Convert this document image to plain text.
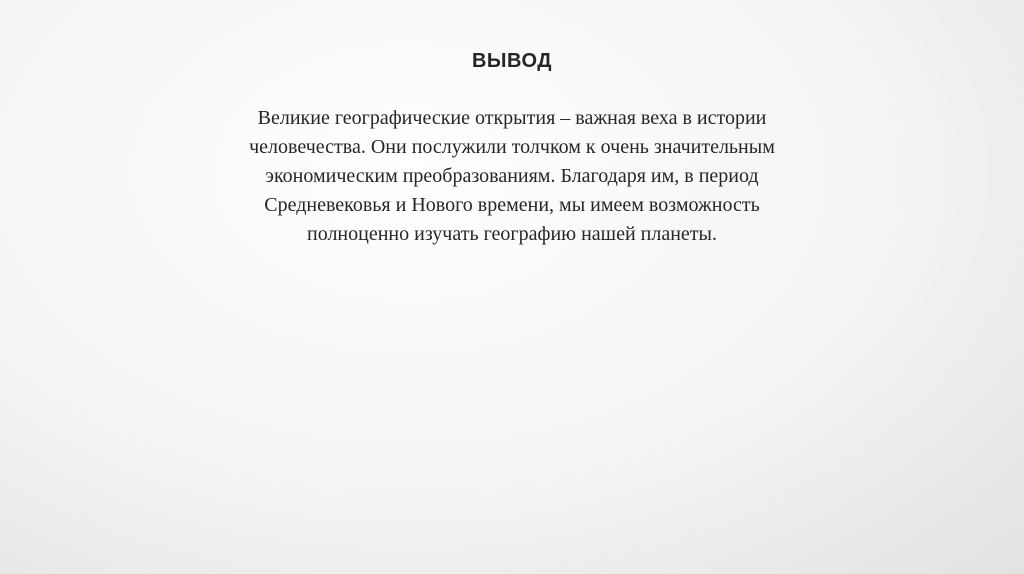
ВЫВОД
Великие географические открытия – важная веха в истории
человечества. Они послужили толчком к очень значительным
экономическим преобразованиям. Благодаря им, в период
Средневековья и Нового времени, мы имеем возможность
полноценно изучать географию нашей планеты.
